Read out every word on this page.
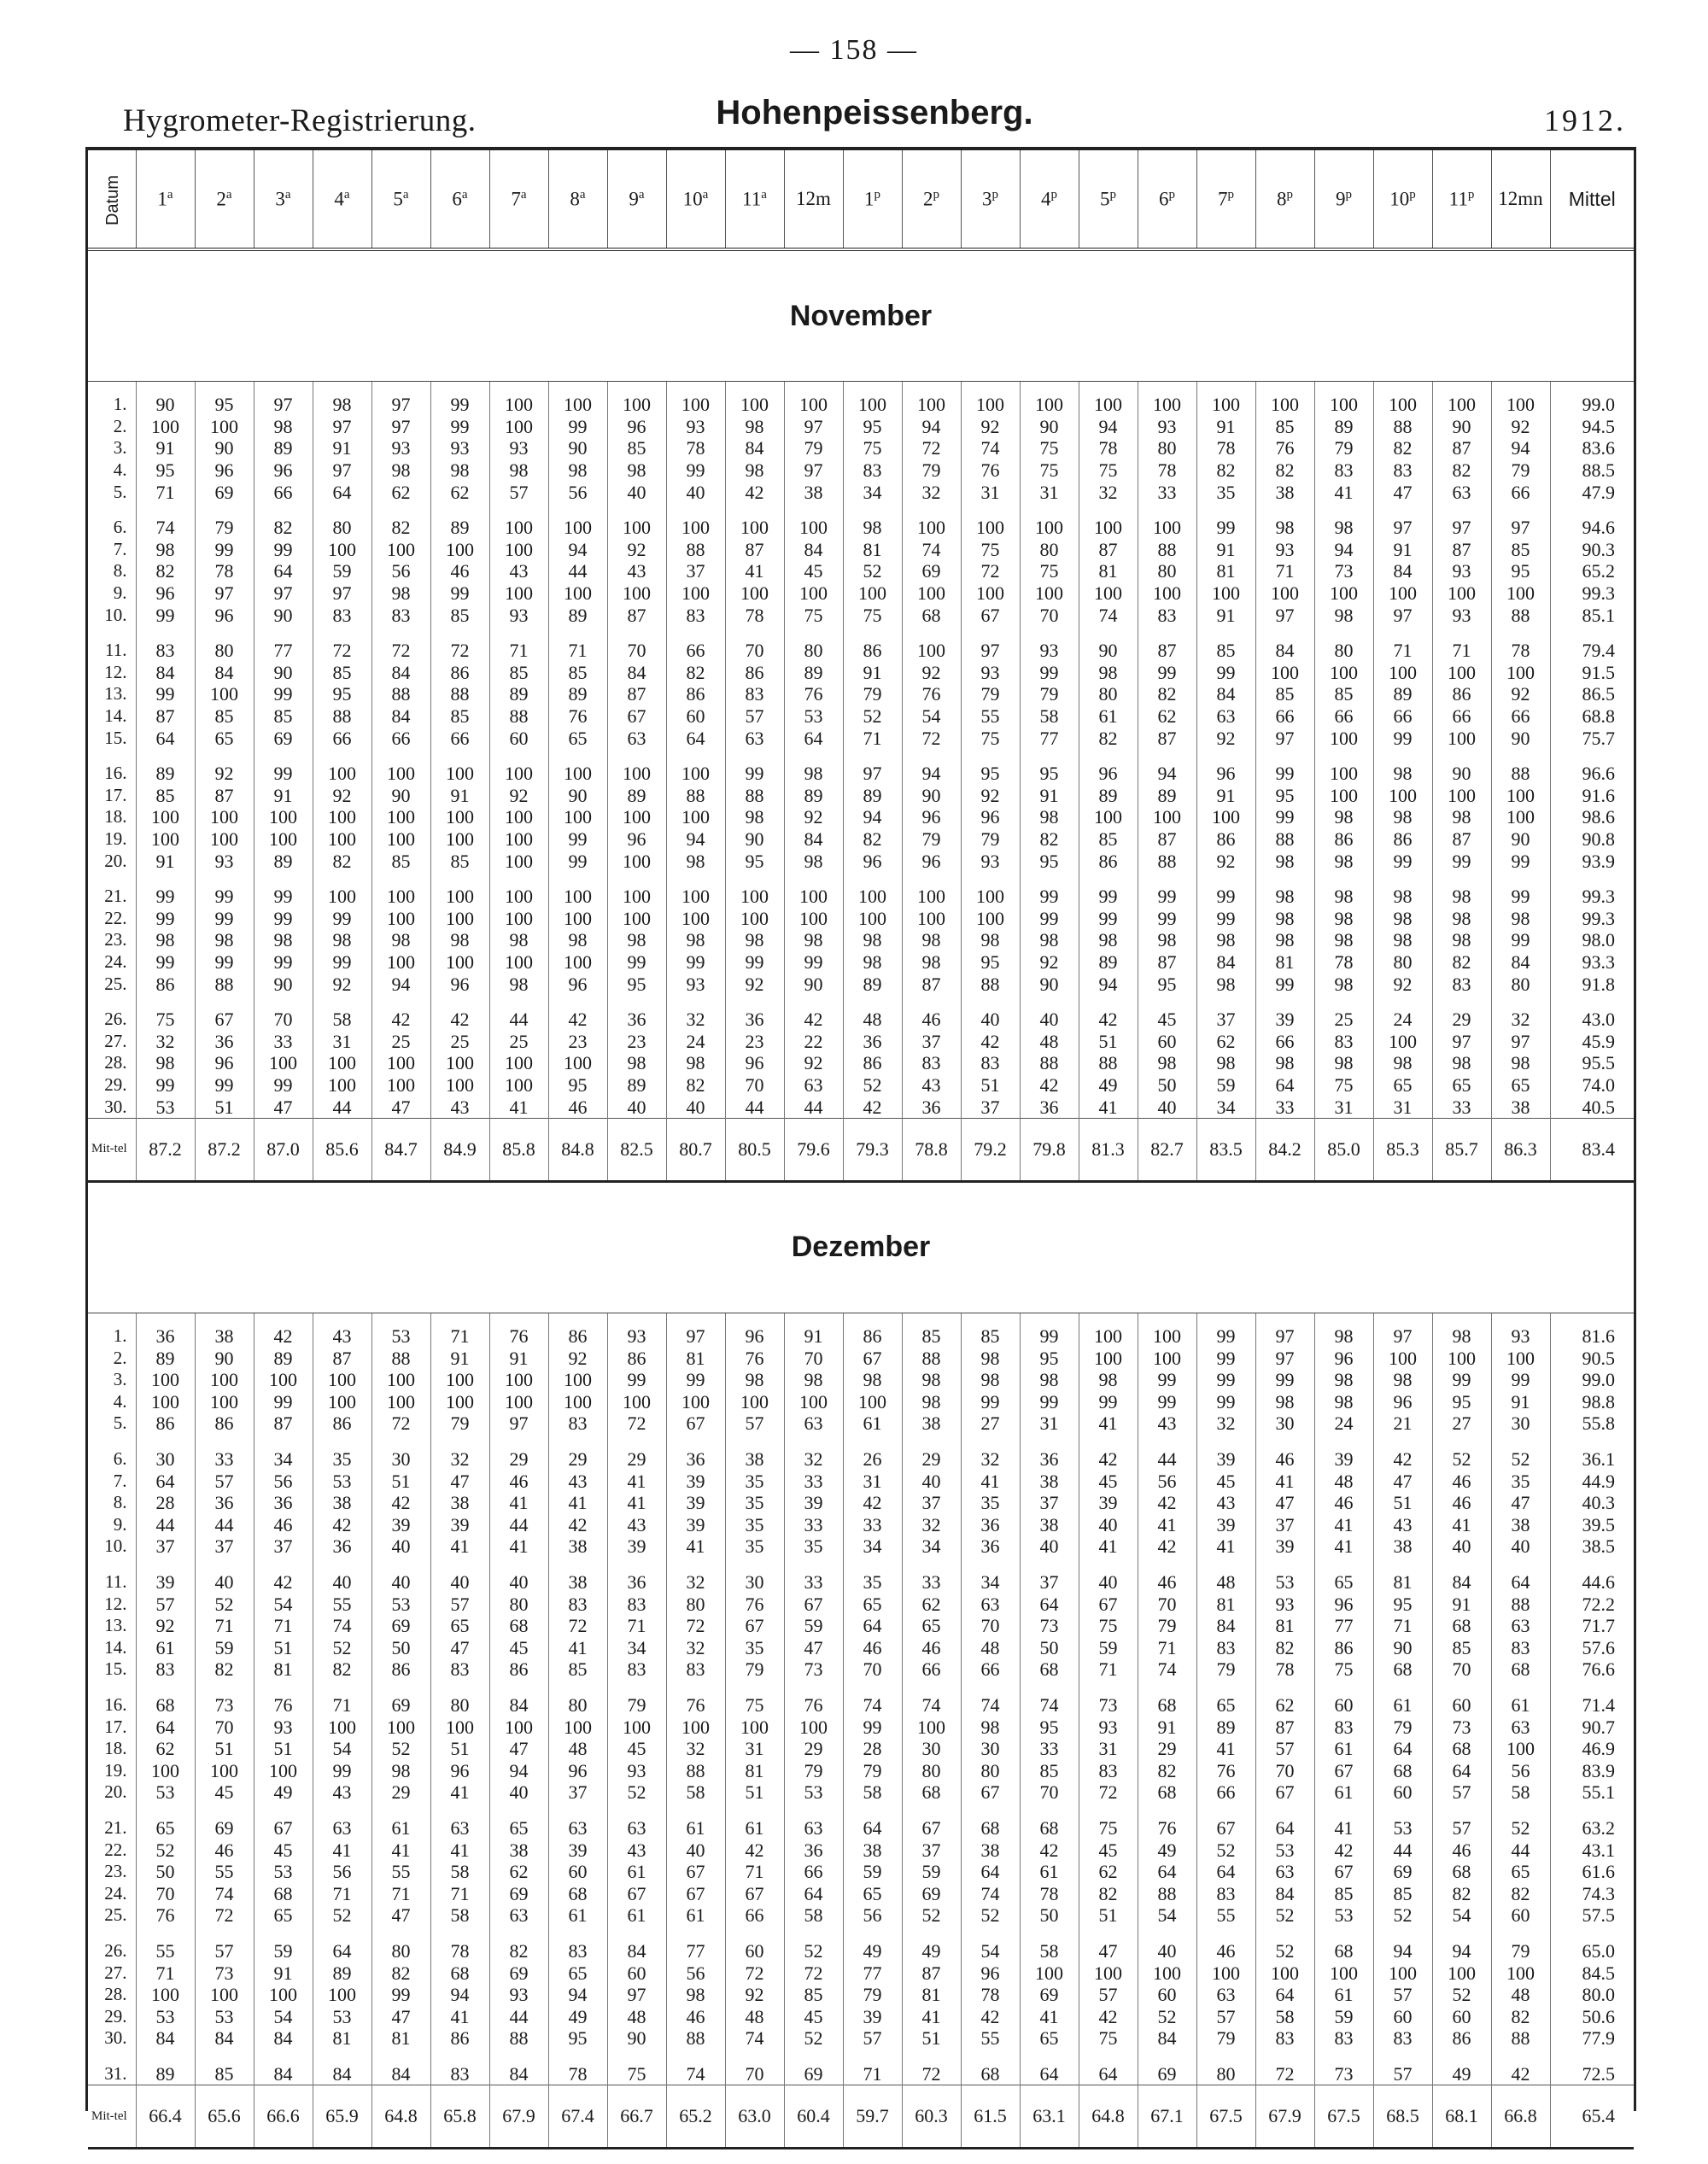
— 158 —
Hygrometer-Registrierung.	Hohenpeissenberg.	1912.
Datum	1$^a$	2$^a$	3$^a$	4$^a$	5$^a$	6$^a$	7$^a$	8$^a$	9$^a$	10$^a$	11$^a$	12m	1$^p$	2$^p$	3$^p$	4$^p$	5$^p$	6$^p$	7$^p$	8$^p$	9$^p$	10$^p$	11$^p$	12mn	Mittel
November																									

1.	90	95	97	98	97	99	100	100	100	100	100	100	100	100	100	100	100	100	100	100	100	100	100	100	99.0
2.	100	100	98	97	97	99	100	99	96	93	98	97	95	94	92	90	94	93	91	85	89	88	90	92	94.5
3.	91	90	89	91	93	93	93	90	85	78	84	79	75	72	74	75	78	80	78	76	79	82	87	94	83.6
4.	95	96	96	97	98	98	98	98	98	99	98	97	83	79	76	75	75	78	82	82	83	83	82	79	88.5
5.	71	69	66	64	62	62	57	56	40	40	42	38	34	32	31	31	32	33	35	38	41	47	63	66	47.9
6.	74	79	82	80	82	89	100	100	100	100	100	100	98	100	100	100	100	100	99	98	98	97	97	97	94.6
7.	98	99	99	100	100	100	100	94	92	88	87	84	81	74	75	80	87	88	91	93	94	91	87	85	90.3
8.	82	78	64	59	56	46	43	44	43	37	41	45	52	69	72	75	81	80	81	71	73	84	93	95	65.2
9.	96	97	97	97	98	99	100	100	100	100	100	100	100	100	100	100	100	100	100	100	100	100	100	100	99.3
10.	99	96	90	83	83	85	93	89	87	83	78	75	75	68	67	70	74	83	91	97	98	97	93	88	85.1
11.	83	80	77	72	72	72	71	71	70	66	70	80	86	100	97	93	90	87	85	84	80	71	71	78	79.4
12.	84	84	90	85	84	86	85	85	84	82	86	89	91	92	93	99	98	99	99	100	100	100	100	100	91.5
13.	99	100	99	95	88	88	89	89	87	86	83	76	79	76	79	79	80	82	84	85	85	89	86	92	86.5
14.	87	85	85	88	84	85	88	76	67	60	57	53	52	54	55	58	61	62	63	66	66	66	66	66	68.8
15.	64	65	69	66	66	66	60	65	63	64	63	64	71	72	75	77	82	87	92	97	100	99	100	90	75.7
16.	89	92	99	100	100	100	100	100	100	100	99	98	97	94	95	95	96	94	96	99	100	98	90	88	96.6
17.	85	87	91	92	90	91	92	90	89	88	88	89	89	90	92	91	89	89	91	95	100	100	100	100	91.6
18.	100	100	100	100	100	100	100	100	100	100	98	92	94	96	96	98	100	100	100	99	98	98	98	100	98.6
19.	100	100	100	100	100	100	100	99	96	94	90	84	82	79	79	82	85	87	86	88	86	86	87	90	90.8
20.	91	93	89	82	85	85	100	99	100	98	95	98	96	96	93	95	86	88	92	98	98	99	99	99	93.9
21.	99	99	99	100	100	100	100	100	100	100	100	100	100	100	100	99	99	99	99	98	98	98	98	99	99.3
22.	99	99	99	99	100	100	100	100	100	100	100	100	100	100	100	99	99	99	99	98	98	98	98	98	99.3
23.	98	98	98	98	98	98	98	98	98	98	98	98	98	98	98	98	98	98	98	98	98	98	98	99	98.0
24.	99	99	99	99	100	100	100	100	99	99	99	99	98	98	95	92	89	87	84	81	78	80	82	84	93.3
25.	86	88	90	92	94	96	98	96	95	93	92	90	89	87	88	90	94	95	98	99	98	92	83	80	91.8
26.	75	67	70	58	42	42	44	42	36	32	36	42	48	46	40	40	42	45	37	39	25	24	29	32	43.0
27.	32	36	33	31	25	25	25	23	23	24	23	22	36	37	42	48	51	60	62	66	83	100	97	97	45.9
28.	98	96	100	100	100	100	100	100	98	98	96	92	86	83	83	88	88	98	98	98	98	98	98	98	95.5
29.	99	99	99	100	100	100	100	95	89	82	70	63	52	43	51	42	49	50	59	64	75	65	65	65	74.0
30.	53	51	47	44	47	43	41	46	40	40	44	44	42	36	37	36	41	40	34	33	31	31	33	38	40.5
Mit-tel	87.2	87.2	87.0	85.6	84.7	84.9	85.8	84.8	82.5	80.7	80.5	79.6	79.3	78.8	79.2	79.8	81.3	82.7	83.5	84.2	85.0	85.3	85.7	86.3	83.4
Dezember																									

1.	36	38	42	43	53	71	76	86	93	97	96	91	86	85	85	99	100	100	99	97	98	97	98	93	81.6
2.	89	90	89	87	88	91	91	92	86	81	76	70	67	88	98	95	100	100	99	97	96	100	100	100	90.5
3.	100	100	100	100	100	100	100	100	99	99	98	98	98	98	98	98	98	99	99	99	98	98	99	99	99.0
4.	100	100	99	100	100	100	100	100	100	100	100	100	100	98	99	99	99	99	99	98	98	96	95	91	98.8
5.	86	86	87	86	72	79	97	83	72	67	57	63	61	38	27	31	41	43	32	30	24	21	27	30	55.8
6.	30	33	34	35	30	32	29	29	29	36	38	32	26	29	32	36	42	44	39	46	39	42	52	52	36.1
7.	64	57	56	53	51	47	46	43	41	39	35	33	31	40	41	38	45	56	45	41	48	47	46	35	44.9
8.	28	36	36	38	42	38	41	41	41	39	35	39	42	37	35	37	39	42	43	47	46	51	46	47	40.3
9.	44	44	46	42	39	39	44	42	43	39	35	33	33	32	36	38	40	41	39	37	41	43	41	38	39.5
10.	37	37	37	36	40	41	41	38	39	41	35	35	34	34	36	40	41	42	41	39	41	38	40	40	38.5
11.	39	40	42	40	40	40	40	38	36	32	30	33	35	33	34	37	40	46	48	53	65	81	84	64	44.6
12.	57	52	54	55	53	57	80	83	83	80	76	67	65	62	63	64	67	70	81	93	96	95	91	88	72.2
13.	92	71	71	74	69	65	68	72	71	72	67	59	64	65	70	73	75	79	84	81	77	71	68	63	71.7
14.	61	59	51	52	50	47	45	41	34	32	35	47	46	46	48	50	59	71	83	82	86	90	85	83	57.6
15.	83	82	81	82	86	83	86	85	83	83	79	73	70	66	66	68	71	74	79	78	75	68	70	68	76.6
16.	68	73	76	71	69	80	84	80	79	76	75	76	74	74	74	74	73	68	65	62	60	61	60	61	71.4
17.	64	70	93	100	100	100	100	100	100	100	100	100	99	100	98	95	93	91	89	87	83	79	73	63	90.7
18.	62	51	51	54	52	51	47	48	45	32	31	29	28	30	30	33	31	29	41	57	61	64	68	100	46.9
19.	100	100	100	99	98	96	94	96	93	88	81	79	79	80	80	85	83	82	76	70	67	68	64	56	83.9
20.	53	45	49	43	29	41	40	37	52	58	51	53	58	68	67	70	72	68	66	67	61	60	57	58	55.1
21.	65	69	67	63	61	63	65	63	63	61	61	63	64	67	68	68	75	76	67	64	41	53	57	52	63.2
22.	52	46	45	41	41	41	38	39	43	40	42	36	38	37	38	42	45	49	52	53	42	44	46	44	43.1
23.	50	55	53	56	55	58	62	60	61	67	71	66	59	59	64	61	62	64	64	63	67	69	68	65	61.6
24.	70	74	68	71	71	71	69	68	67	67	67	64	65	69	74	78	82	88	83	84	85	85	82	82	74.3
25.	76	72	65	52	47	58	63	61	61	61	66	58	56	52	52	50	51	54	55	52	53	52	54	60	57.5
26.	55	57	59	64	80	78	82	83	84	77	60	52	49	49	54	58	47	40	46	52	68	94	94	79	65.0
27.	71	73	91	89	82	68	69	65	60	56	72	72	77	87	96	100	100	100	100	100	100	100	100	100	84.5
28.	100	100	100	100	99	94	93	94	97	98	92	85	79	81	78	69	57	60	63	64	61	57	52	48	80.0
29.	53	53	54	53	47	41	44	49	48	46	48	45	39	41	42	41	42	52	57	58	59	60	60	82	50.6
30.	84	84	84	81	81	86	88	95	90	88	74	52	57	51	55	65	75	84	79	83	83	83	86	88	77.9
31.	89	85	84	84	84	83	84	78	75	74	70	69	71	72	68	64	64	69	80	72	73	57	49	42	72.5
Mit-tel	66.4	65.6	66.6	65.9	64.8	65.8	67.9	67.4	66.7	65.2	63.0	60.4	59.7	60.3	61.5	63.1	64.8	67.1	67.5	67.9	67.5	68.5	68.1	66.8	65.4
